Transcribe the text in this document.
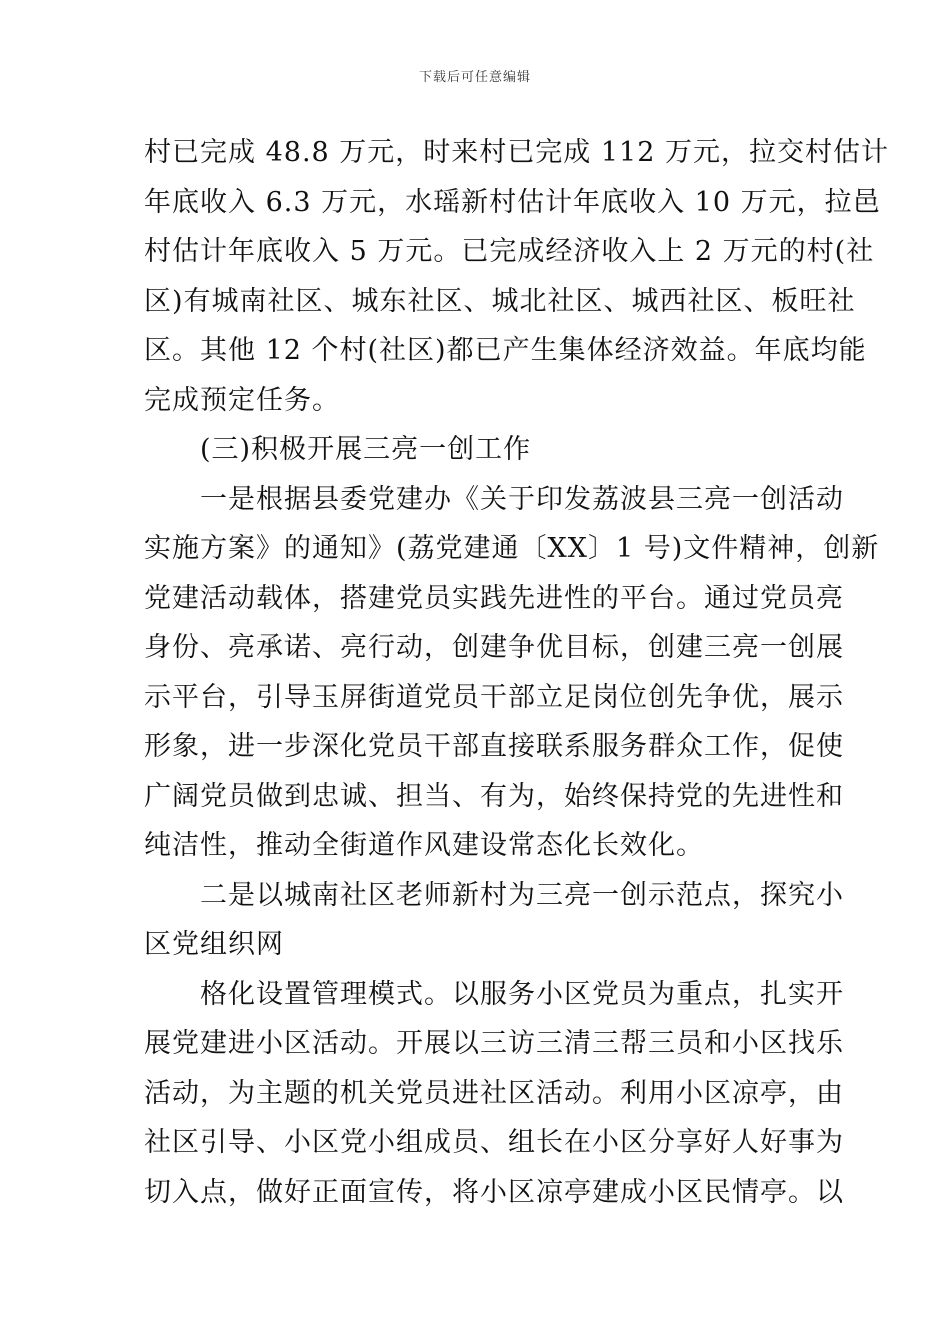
下载后可任意编辑
村已完成 48.8 万元，时来村已完成 112 万元，拉交村估计
年底收入 6.3 万元，水瑶新村估计年底收入 10 万元，拉邑
村估计年底收入 5 万元。已完成经济收入上 2 万元的村(社
区)有城南社区、城东社区、城北社区、城西社区、板旺社
区。其他 12 个村(社区)都已产生集体经济效益。年底均能
完成预定任务。
(三)积极开展三亮一创工作
一是根据县委党建办《关于印发荔波县三亮一创活动
实施方案》的通知》(荔党建通〔XX〕1 号)文件精神，创新
党建活动载体，搭建党员实践先进性的平台。通过党员亮
身份、亮承诺、亮行动，创建争优目标，创建三亮一创展
示平台，引导玉屏街道党员干部立足岗位创先争优，展示
形象，进一步深化党员干部直接联系服务群众工作，促使
广阔党员做到忠诚、担当、有为，始终保持党的先进性和
纯洁性，推动全街道作风建设常态化长效化。
二是以城南社区老师新村为三亮一创示范点，探究小
区党组织网
格化设置管理模式。以服务小区党员为重点，扎实开
展党建进小区活动。开展以三访三清三帮三员和小区找乐
活动，为主题的机关党员进社区活动。利用小区凉亭，由
社区引导、小区党小组成员、组长在小区分享好人好事为
切入点，做好正面宣传，将小区凉亭建成小区民情亭。以
